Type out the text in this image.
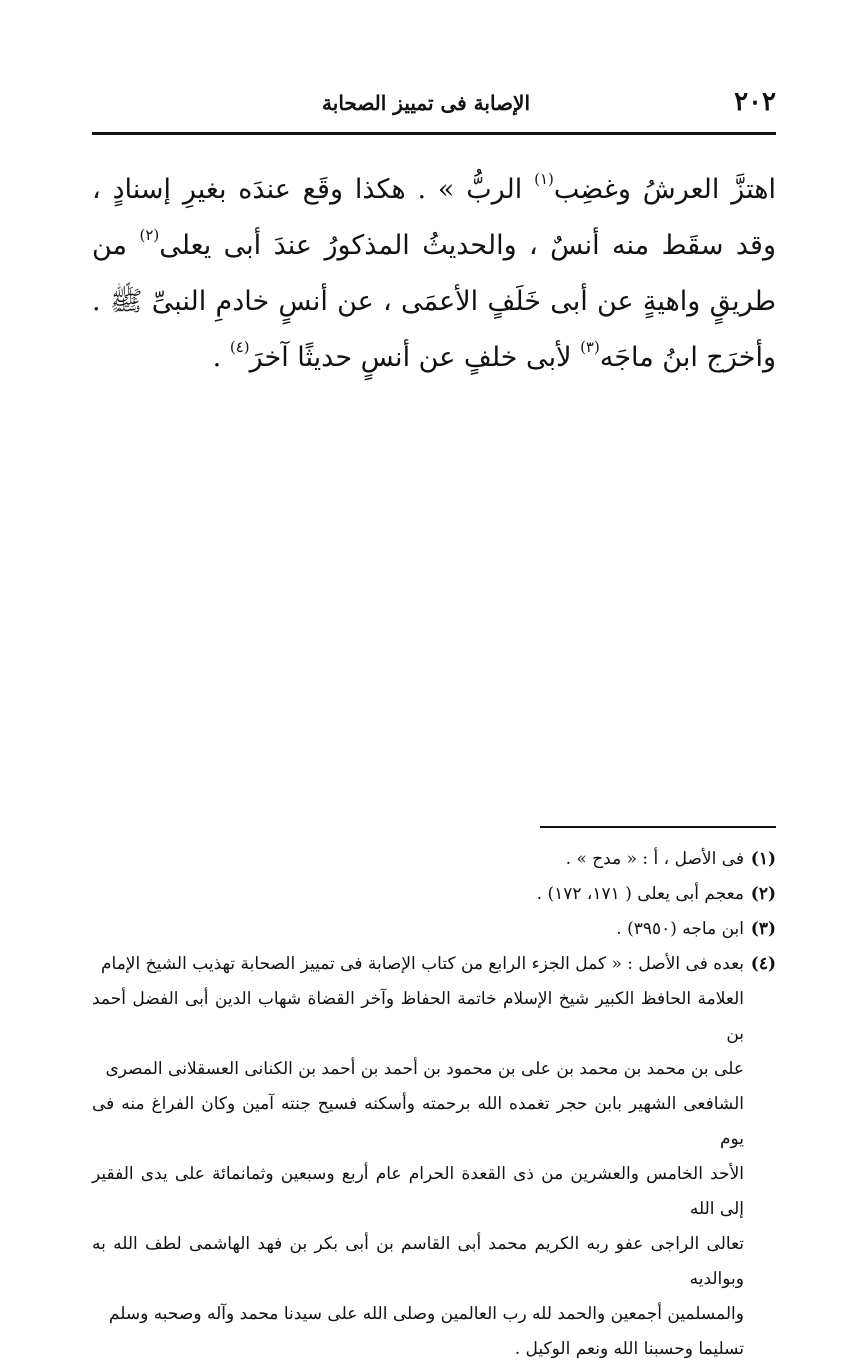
٢٠٢
الإصابة فى تمييز الصحابة

اهتزَّ العرشُ وغضِب$^{(١)}$ الربُّ » . هكذا وقَع عندَه بغيرِ إسنادٍ ، وقد سقَط منه أنسٌ ، والحديثُ المذكورُ عندَ أبى يعلى$^{(٢)}$ من طريقٍ واهيةٍ عن أبى خَلَفٍ الأعمَى ، عن أنسٍ خادمِ النبىِّ ﷺ . وأخرَج ابنُ ماجَه$^{(٣)}$ لأبى خلفٍ عن أنسٍ حديثًا آخرَ$^{(٤)}$ .

(١)
فى الأصل ، أ : « مدح » .
(٢)
معجم أبى يعلى ( ١٧١، ١٧٢) .
(٣)
ابن ماجه (٣٩٥٠) .
(٤)
بعده فى الأصل : « كمل الجزء الرابع من كتاب الإصابة فى تمييز الصحابة تهذيب الشيخ الإمام
العلامة الحافظ الكبير شيخ الإسلام خاتمة الحفاظ وآخر القضاة شهاب الدين أبى الفضل أحمد بن
على بن محمد بن محمد بن على بن محمود بن أحمد بن أحمد بن الكنانى العسقلانى المصرى
الشافعى الشهير بابن حجر تغمده الله برحمته وأسكنه فسيح جنته آمين وكان الفراغ منه فى يوم
الأحد الخامس والعشرين من ذى القعدة الحرام عام أربع وسبعين وثمانمائة على يدى الفقير إلى الله
تعالى الراجى عفو ربه الكريم محمد أبى القاسم بن أبى بكر بن فهد الهاشمى لطف الله به وبوالديه
والمسلمين أجمعين والحمد لله رب العالمين وصلى الله على سيدنا محمد وآله وصحبه وسلم
تسليما وحسبنا الله ونعم الوكيل .
